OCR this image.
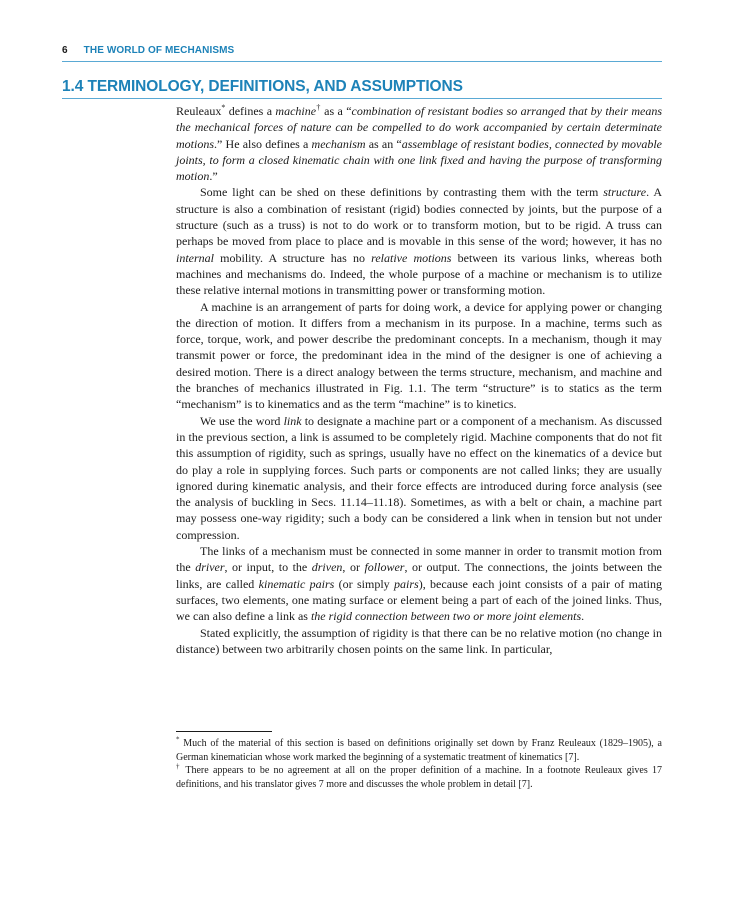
6 THE WORLD OF MECHANISMS
1.4 TERMINOLOGY, DEFINITIONS, AND ASSUMPTIONS

Reuleaux* defines a machine† as a “combination of resistant bodies so arranged that by their means the mechanical forces of nature can be compelled to do work accompanied by certain determinate motions.” He also defines a mechanism as an “assemblage of resistant bodies, connected by movable joints, to form a closed kinematic chain with one link fixed and having the purpose of transforming motion.”

Some light can be shed on these definitions by contrasting them with the term structure. A structure is also a combination of resistant (rigid) bodies connected by joints, but the purpose of a structure (such as a truss) is not to do work or to transform motion, but to be rigid. A truss can perhaps be moved from place to place and is movable in this sense of the word; however, it has no internal mobility. A structure has no relative motions between its various links, whereas both machines and mechanisms do. Indeed, the whole purpose of a machine or mechanism is to utilize these relative internal motions in transmitting power or transforming motion.

A machine is an arrangement of parts for doing work, a device for applying power or changing the direction of motion. It differs from a mechanism in its purpose. In a machine, terms such as force, torque, work, and power describe the predominant concepts. In a mechanism, though it may transmit power or force, the predominant idea in the mind of the designer is one of achieving a desired motion. There is a direct analogy between the terms structure, mechanism, and machine and the branches of mechanics illustrated in Fig. 1.1. The term “structure” is to statics as the term “mechanism” is to kinematics and as the term “machine” is to kinetics.

We use the word link to designate a machine part or a component of a mechanism. As discussed in the previous section, a link is assumed to be completely rigid. Machine components that do not fit this assumption of rigidity, such as springs, usually have no effect on the kinematics of a device but do play a role in supplying forces. Such parts or components are not called links; they are usually ignored during kinematic analysis, and their force effects are introduced during force analysis (see the analysis of buckling in Secs. 11.14–11.18). Sometimes, as with a belt or chain, a machine part may possess one-way rigidity; such a body can be considered a link when in tension but not under compression.

The links of a mechanism must be connected in some manner in order to transmit motion from the driver, or input, to the driven, or follower, or output. The connections, the joints between the links, are called kinematic pairs (or simply pairs), because each joint consists of a pair of mating surfaces, two elements, one mating surface or element being a part of each of the joined links. Thus, we can also define a link as the rigid connection between two or more joint elements.

Stated explicitly, the assumption of rigidity is that there can be no relative motion (no change in distance) between two arbitrarily chosen points on the same link. In particular,

* Much of the material of this section is based on definitions originally set down by Franz Reuleaux (1829–1905), a German kinematician whose work marked the beginning of a systematic treatment of kinematics [7].

† There appears to be no agreement at all on the proper definition of a machine. In a footnote Reuleaux gives 17 definitions, and his translator gives 7 more and discusses the whole problem in detail [7].
